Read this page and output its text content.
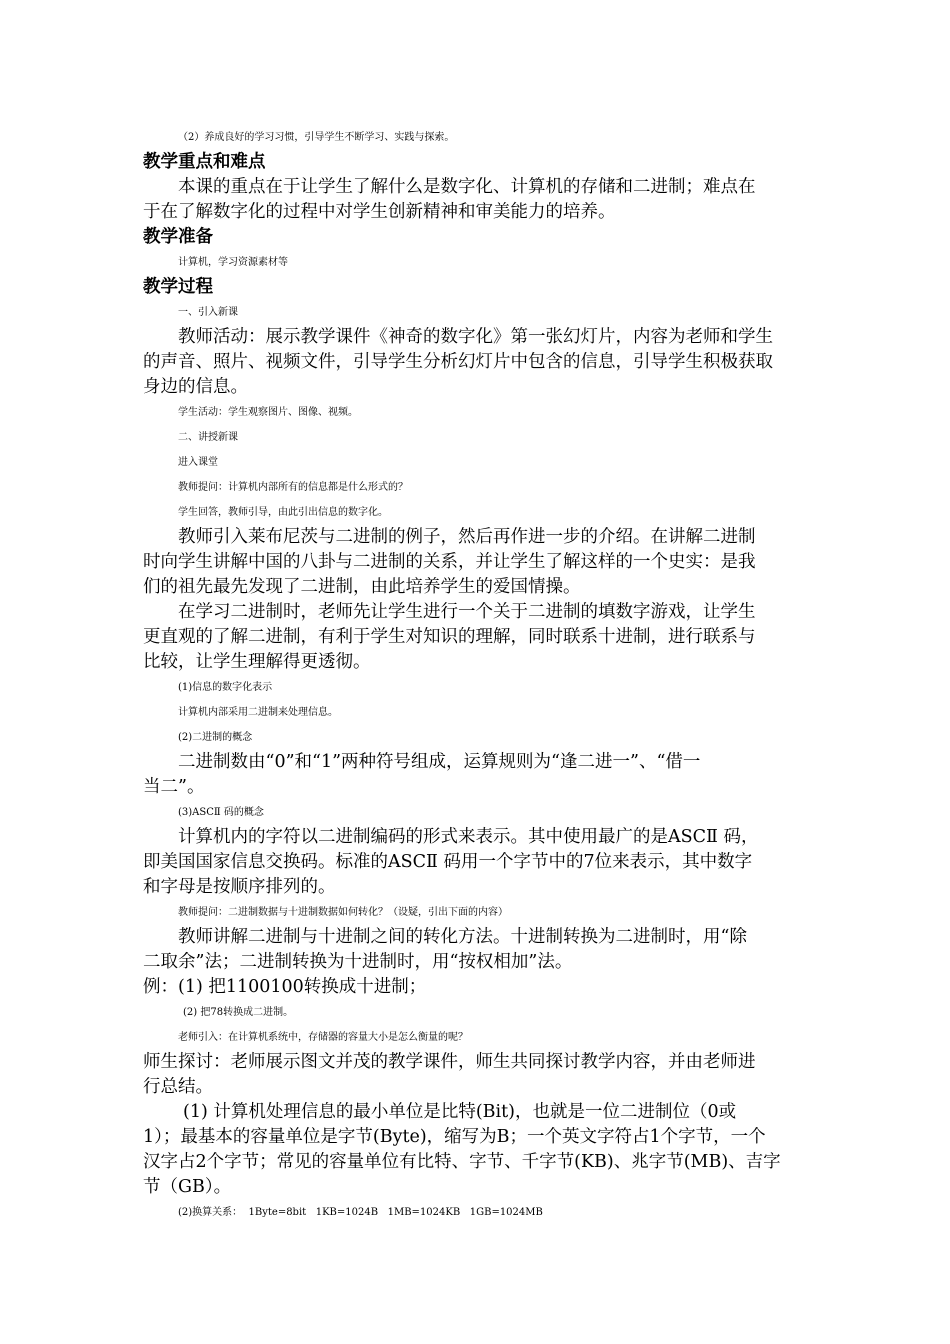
（2）养成良好的学习习惯，引导学生不断学习、实践与探索。
教学重点和难点
本课的重点在于让学生了解什么是数字化、计算机的存储和二进制；难点在
于在了解数字化的过程中对学生创新精神和审美能力的培养。
教学准备
计算机，学习资源素材等
教学过程
一、引入新课
教师活动：展示教学课件《神奇的数字化》第一张幻灯片，内容为老师和学生
的声音、照片、视频文件，引导学生分析幻灯片中包含的信息，引导学生积极获取
身边的信息。
学生活动：学生观察图片、图像、视频。
二、讲授新课
进入课堂
教师提问：计算机内部所有的信息都是什么形式的？
学生回答，教师引导，由此引出信息的数字化。
教师引入莱布尼茨与二进制的例子，然后再作进一步的介绍。在讲解二进制
时向学生讲解中国的八卦与二进制的关系，并让学生了解这样的一个史实：是我
们的祖先最先发现了二进制，由此培养学生的爱国情操。
在学习二进制时，老师先让学生进行一个关于二进制的填数字游戏，让学生
更直观的了解二进制，有利于学生对知识的理解，同时联系十进制，进行联系与
比较，让学生理解得更透彻。
(1)信息的数字化表示
计算机内部采用二进制来处理信息。
(2)二进制的概念
二进制数由“0”和“1”两种符号组成，运算规则为“逢二进一”、“借一
当二”。
(3)ASCⅡ 码的概念
计算机内的字符以二进制编码的形式来表示。其中使用最广的是ASCⅡ 码，
即美国国家信息交换码。标准的ASCⅡ 码用一个字节中的7位来表示，其中数字
和字母是按顺序排列的。
教师提问：二进制数据与十进制数据如何转化？（设疑，引出下面的内容）
教师讲解二进制与十进制之间的转化方法。十进制转换为二进制时，用“除
二取余”法；二进制转换为十进制时，用“按权相加”法。
例：(1) 把1100100转换成十进制；
(2) 把78转换成二进制。
老师引入：在计算机系统中，存储器的容量大小是怎么衡量的呢？
师生探讨：老师展示图文并茂的教学课件，师生共同探讨教学内容，并由老师进
行总结。
(1) 计算机处理信息的最小单位是比特(Bit)，也就是一位二进制位（0或
1）；最基本的容量单位是字节(Byte)，缩写为B；一个英文字符占1个字节，一个
汉字占2个字节；常见的容量单位有比特、字节、千字节(KB)、兆字节(MB)、吉字
节（GB）。
(2)换算关系：  1Byte=8bit   1KB=1024B   1MB=1024KB   1GB=1024MB
